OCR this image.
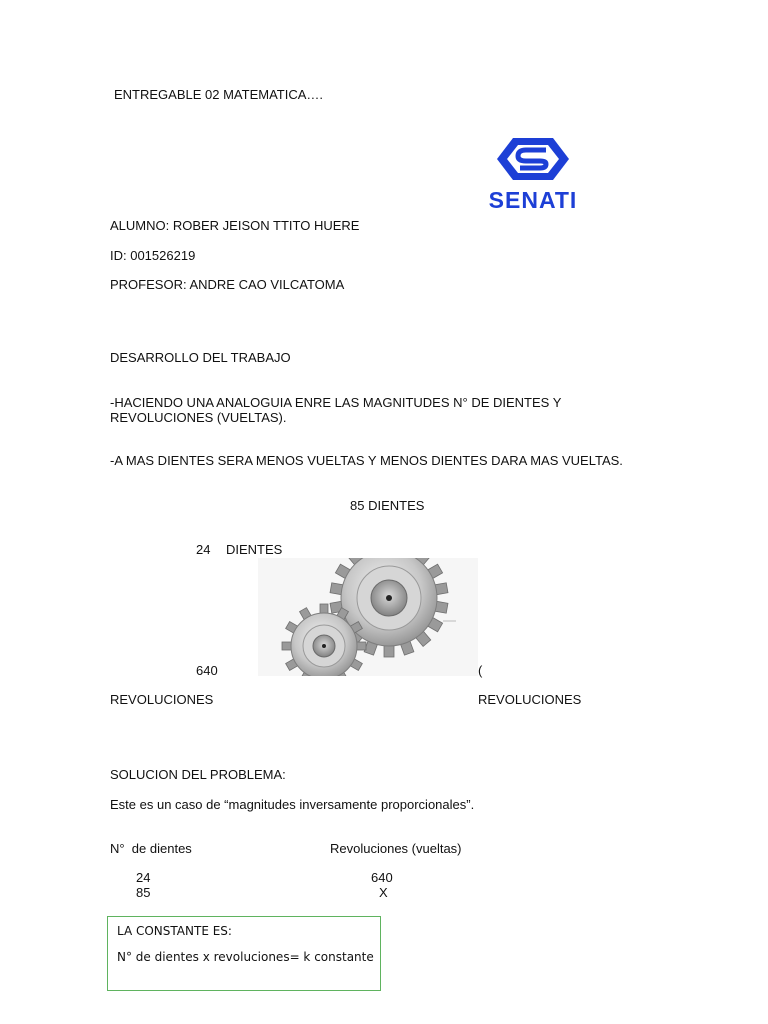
ENTREGABLE 02 MATEMATICA….
SENATI
ALUMNO: ROBER JEISON TTITO HUERE
ID: 001526219
PROFESOR: ANDRE CAO VILCATOMA
DESARROLLO DEL TRABAJO
-HACIENDO UNA ANALOGUIA ENRE LAS MAGNITUDES N° DE DIENTES Y REVOLUCIONES (VUELTAS).
-A MAS DIENTES SERA MENOS VUELTAS Y MENOS DIENTES DARA MAS VUELTAS.
85 DIENTES
24 DIENTES
640	(
REVOLUCIONES	REVOLUCIONES
SOLUCION DEL PROBLEMA:
Este es un caso de “magnitudes inversamente proporcionales”.
N°  de dientes	Revoluciones (vueltas)
24	640
85	X
LA CONSTANTE ES:
N° de dientes x revoluciones= k constante
